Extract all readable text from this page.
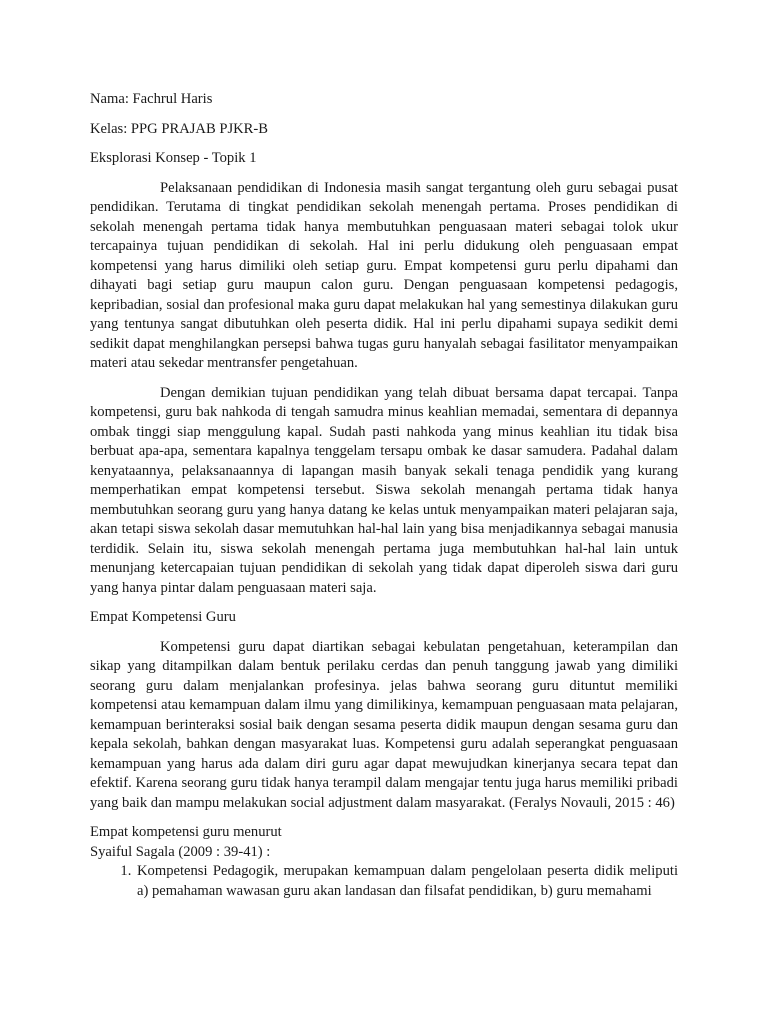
Nama: Fachrul Haris

Kelas: PPG PRAJAB PJKR-B

Eksplorasi Konsep - Topik 1

Pelaksanaan pendidikan di Indonesia masih sangat tergantung oleh guru sebagai pusat pendidikan. Terutama di tingkat pendidikan sekolah menengah pertama. Proses pendidikan di sekolah menengah pertama tidak hanya membutuhkan penguasaan materi sebagai tolok ukur tercapainya tujuan pendidikan di sekolah. Hal ini perlu didukung oleh penguasaan empat kompetensi yang harus dimiliki oleh setiap guru. Empat kompetensi guru perlu dipahami dan dihayati bagi setiap guru maupun calon guru. Dengan penguasaan kompetensi pedagogis, kepribadian, sosial dan profesional maka guru dapat melakukan hal yang semestinya dilakukan guru yang tentunya sangat dibutuhkan oleh peserta didik. Hal ini perlu dipahami supaya sedikit demi sedikit dapat menghilangkan persepsi bahwa tugas guru hanyalah sebagai fasilitator menyampaikan materi atau sekedar mentransfer pengetahuan.

Dengan demikian tujuan pendidikan yang telah dibuat bersama dapat tercapai. Tanpa kompetensi, guru bak nahkoda di tengah samudra minus keahlian memadai, sementara di depannya ombak tinggi siap menggulung kapal. Sudah pasti nahkoda yang minus keahlian itu tidak bisa berbuat apa-apa, sementara kapalnya tenggelam tersapu ombak ke dasar samudera. Padahal dalam kenyataannya, pelaksanaannya di lapangan masih banyak sekali tenaga pendidik yang kurang memperhatikan empat kompetensi tersebut. Siswa sekolah menangah pertama tidak hanya membutuhkan seorang guru yang hanya datang ke kelas untuk menyampaikan materi pelajaran saja, akan tetapi siswa sekolah dasar memutuhkan hal-hal lain yang bisa menjadikannya sebagai manusia terdidik. Selain itu, siswa sekolah menengah pertama juga membutuhkan hal-hal lain untuk menunjang ketercapaian tujuan pendidikan di sekolah yang tidak dapat diperoleh siswa dari guru yang hanya pintar dalam penguasaan materi saja.

Empat Kompetensi Guru

Kompetensi guru dapat diartikan sebagai kebulatan pengetahuan, keterampilan dan sikap yang ditampilkan dalam bentuk perilaku cerdas dan penuh tanggung jawab yang dimiliki seorang guru dalam menjalankan profesinya. jelas bahwa seorang guru dituntut memiliki kompetensi atau kemampuan dalam ilmu yang dimilikinya, kemampuan penguasaan mata pelajaran, kemampuan berinteraksi sosial baik dengan sesama peserta didik maupun dengan sesama guru dan kepala sekolah, bahkan dengan masyarakat luas. Kompetensi guru adalah seperangkat penguasaan kemampuan yang harus ada dalam diri guru agar dapat mewujudkan kinerjanya secara tepat dan efektif. Karena seorang guru tidak hanya terampil dalam mengajar tentu juga harus memiliki pribadi yang baik dan mampu melakukan social adjustment dalam masyarakat. (Feralys Novauli, 2015 : 46)

Empat kompetensi guru menurut

Syaiful Sagala (2009 : 39-41) :

1. Kompetensi Pedagogik, merupakan kemampuan dalam pengelolaan peserta didik meliputi a) pemahaman wawasan guru akan landasan dan filsafat pendidikan, b) guru memahami
